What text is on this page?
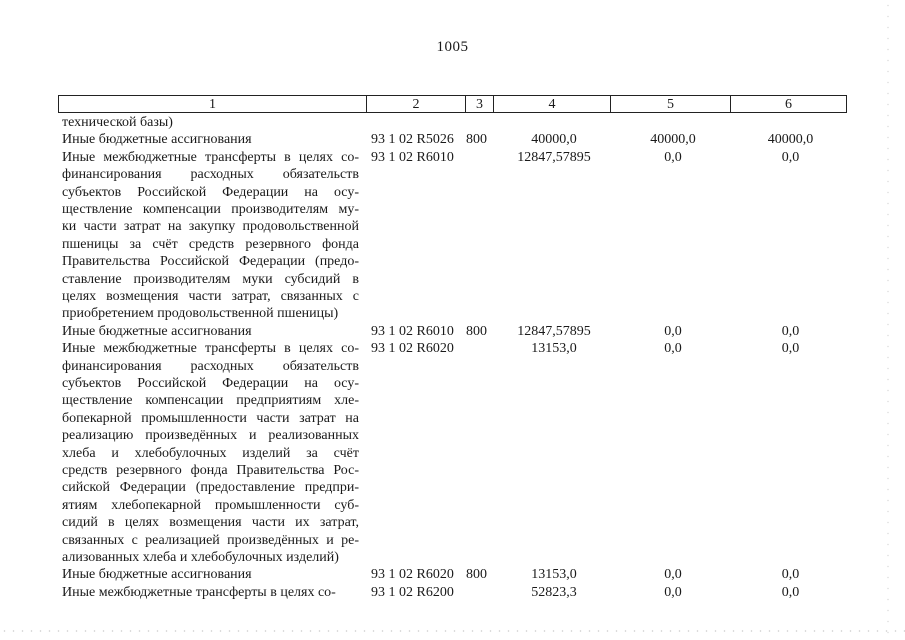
1005
1	2	3	4	5	6
технической базы)
Иные бюджетные ассигнования	93 1 02 R5026 800	40000,0	40000,0	40000,0
Иные межбюджетные трансферты в целях со-
финансирования расходных обязательств
субъектов Российской Федерации на осу-
ществление компенсации производителям му-
ки части затрат на закупку продовольственной
пшеницы за счёт средств резервного фонда
Правительства Российской Федерации (предо-
ставление производителям муки субсидий в
целях возмещения части затрат, связанных с
приобретением продовольственной пшеницы)
93 1 02 R6010	12847,57895	0,0	0,0
Иные бюджетные ассигнования	93 1 02 R6010 800	12847,57895	0,0	0,0
Иные межбюджетные трансферты в целях со-
финансирования расходных обязательств
субъектов Российской Федерации на осу-
ществление компенсации предприятиям хле-
бопекарной промышленности части затрат на
реализацию произведённых и реализованных
хлеба и хлебобулочных изделий за счёт
средств резервного фонда Правительства Рос-
сийской Федерации (предоставление предпри-
ятиям хлебопекарной промышленности суб-
сидий в целях возмещения части их затрат,
связанных с реализацией произведённых и ре-
ализованных хлеба и хлебобулочных изделий)
93 1 02 R6020	13153,0	0,0	0,0
Иные бюджетные ассигнования	93 1 02 R6020 800	13153,0	0,0	0,0
Иные межбюджетные трансферты в целях со-	93 1 02 R6200	52823,3	0,0	0,0
